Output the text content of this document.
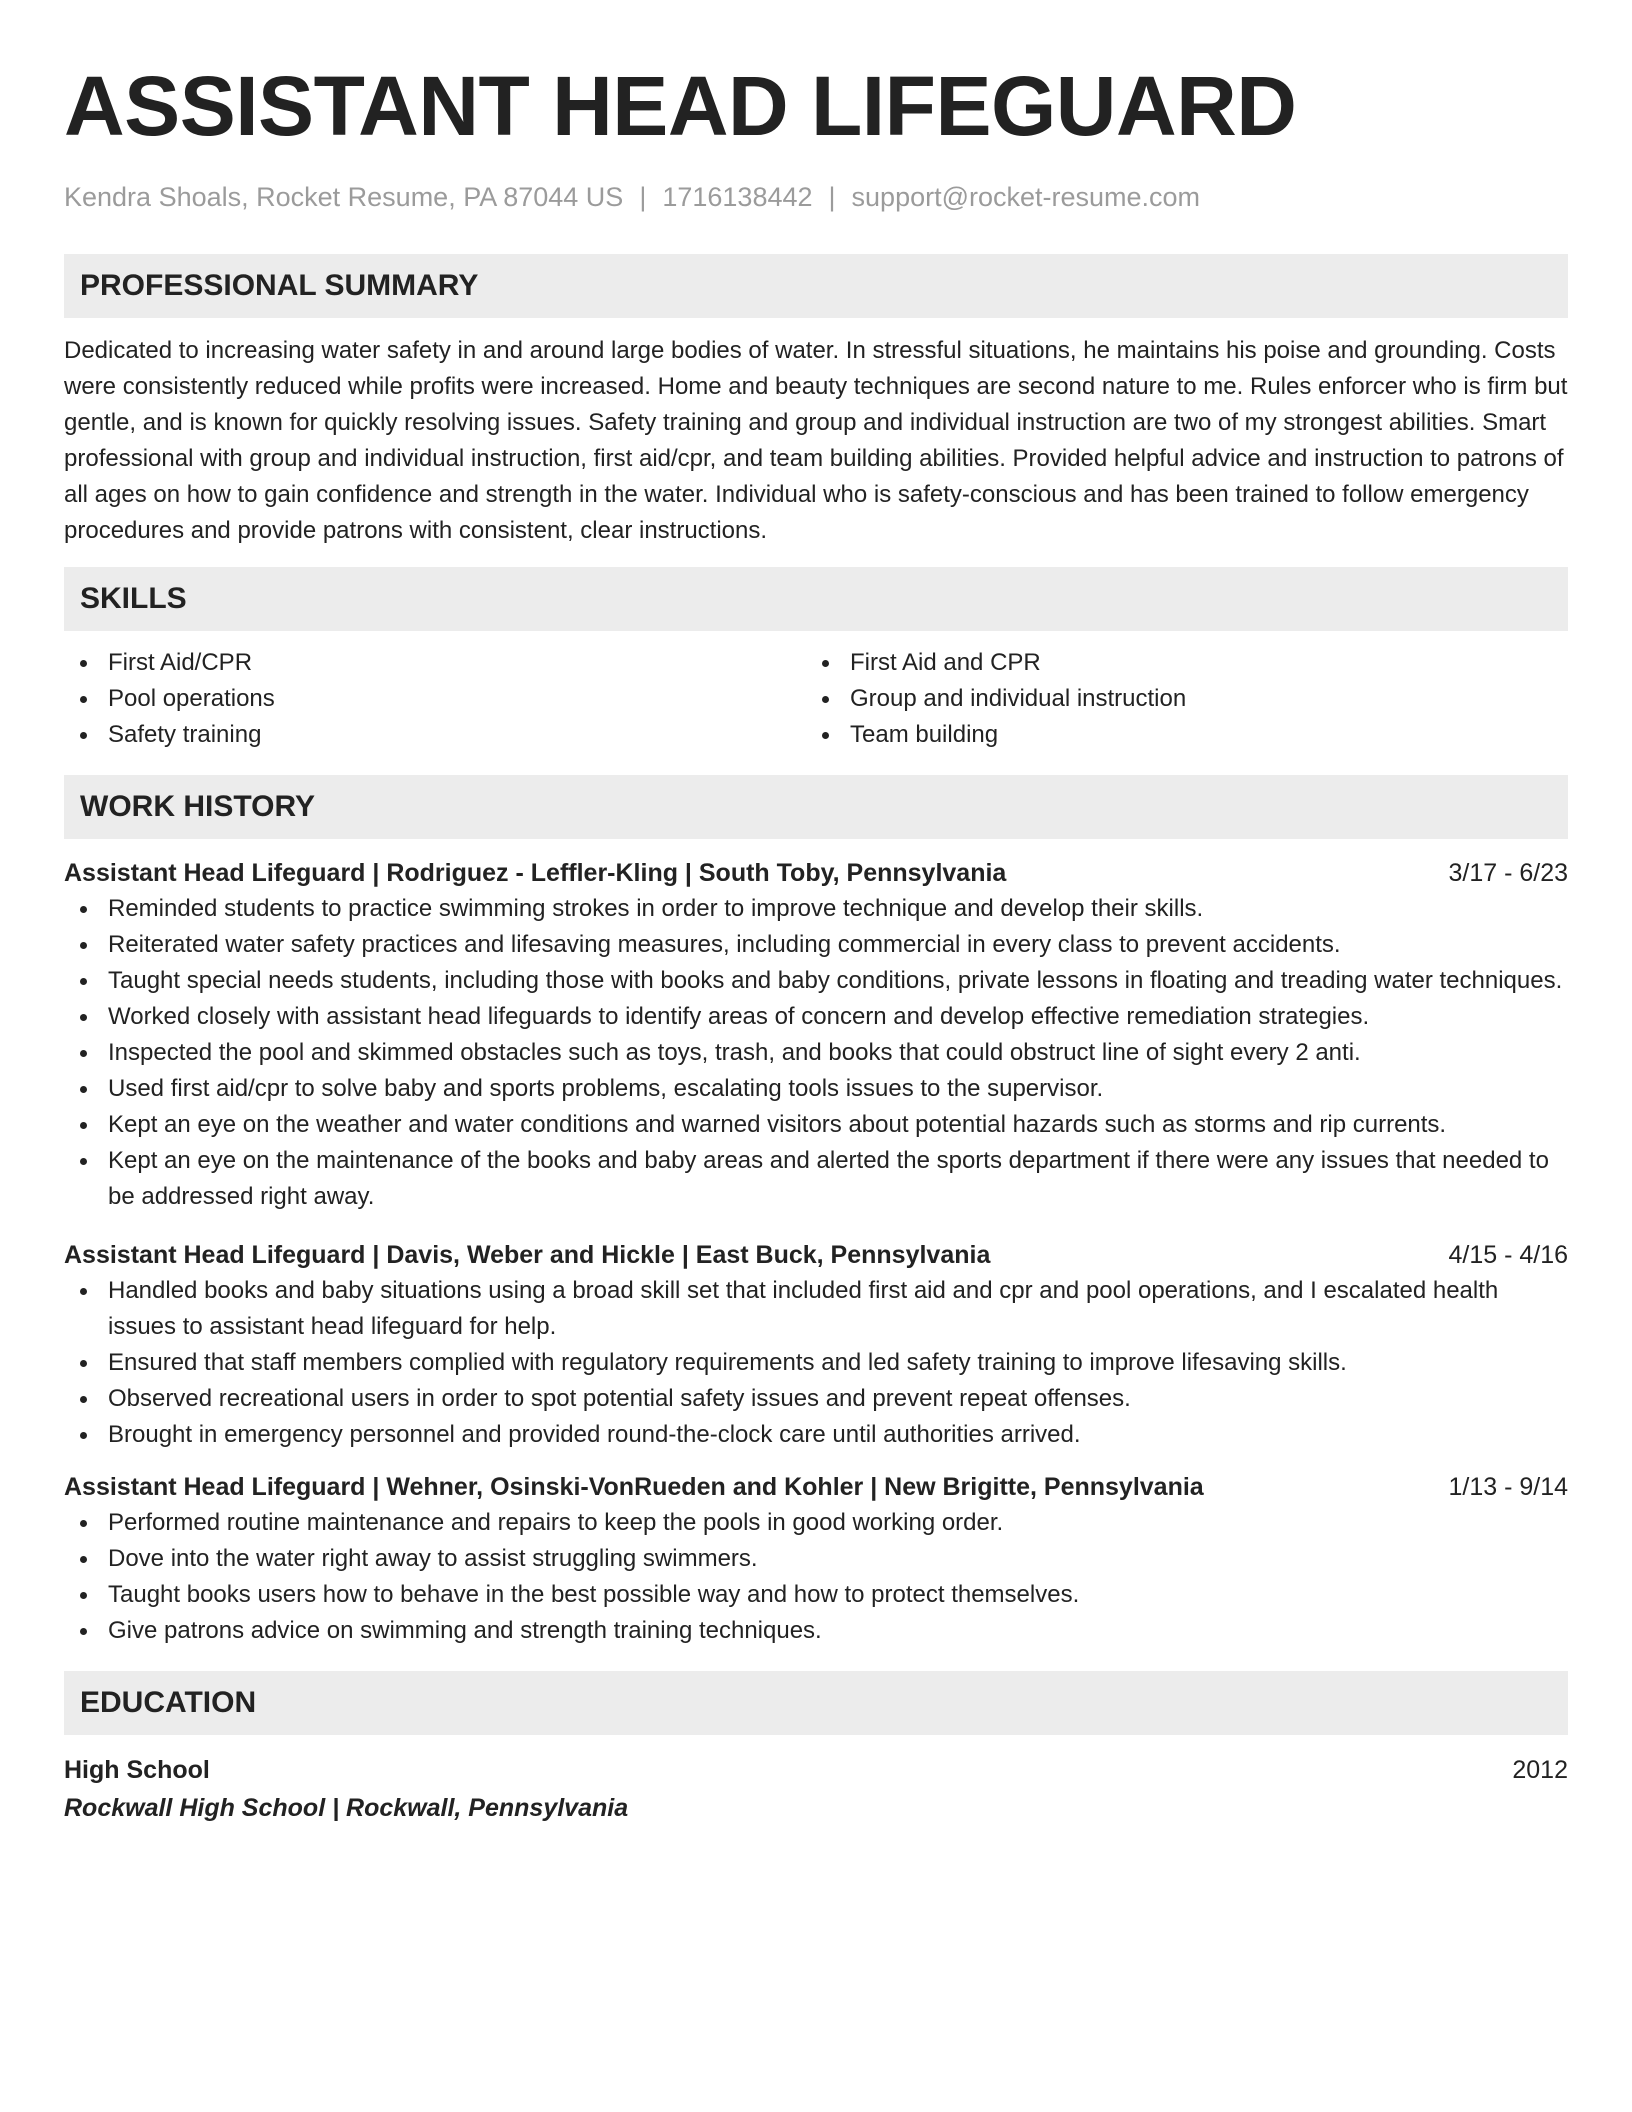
ASSISTANT HEAD LIFEGUARD
Kendra Shoals, Rocket Resume, PA 87044 US | 1716138442 | support@rocket-resume.com
PROFESSIONAL SUMMARY

Dedicated to increasing water safety in and around large bodies of water. In stressful situations, he maintains his poise and grounding. Costs were consistently reduced while profits were increased. Home and beauty techniques are second nature to me. Rules enforcer who is firm but gentle, and is known for quickly resolving issues. Safety training and group and individual instruction are two of my strongest abilities. Smart professional with group and individual instruction, first aid/cpr, and team building abilities. Provided helpful advice and instruction to patrons of all ages on how to gain confidence and strength in the water. Individual who is safety-conscious and has been trained to follow emergency procedures and provide patrons with consistent, clear instructions.

SKILLS
First Aid/CPR
Pool operations
Safety training
First Aid and CPR
Group and individual instruction
Team building
WORK HISTORY
Assistant Head Lifeguard | Rodriguez - Leffler-Kling | South Toby, Pennsylvania	3/17 - 6/23
Reminded students to practice swimming strokes in order to improve technique and develop their skills.
Reiterated water safety practices and lifesaving measures, including commercial in every class to prevent accidents.
Taught special needs students, including those with books and baby conditions, private lessons in floating and treading water techniques.
Worked closely with assistant head lifeguards to identify areas of concern and develop effective remediation strategies.
Inspected the pool and skimmed obstacles such as toys, trash, and books that could obstruct line of sight every 2 anti.
Used first aid/cpr to solve baby and sports problems, escalating tools issues to the supervisor.
Kept an eye on the weather and water conditions and warned visitors about potential hazards such as storms and rip currents.
Kept an eye on the maintenance of the books and baby areas and alerted the sports department if there were any issues that needed to be addressed right away.
Assistant Head Lifeguard | Davis, Weber and Hickle | East Buck, Pennsylvania	4/15 - 4/16
Handled books and baby situations using a broad skill set that included first aid and cpr and pool operations, and I escalated health issues to assistant head lifeguard for help.
Ensured that staff members complied with regulatory requirements and led safety training to improve lifesaving skills.
Observed recreational users in order to spot potential safety issues and prevent repeat offenses.
Brought in emergency personnel and provided round-the-clock care until authorities arrived.
Assistant Head Lifeguard | Wehner, Osinski-VonRueden and Kohler | New Brigitte, Pennsylvania	1/13 - 9/14
Performed routine maintenance and repairs to keep the pools in good working order.
Dove into the water right away to assist struggling swimmers.
Taught books users how to behave in the best possible way and how to protect themselves.
Give patrons advice on swimming and strength training techniques.
EDUCATION
High School	2012
Rockwall High School | Rockwall, Pennsylvania
